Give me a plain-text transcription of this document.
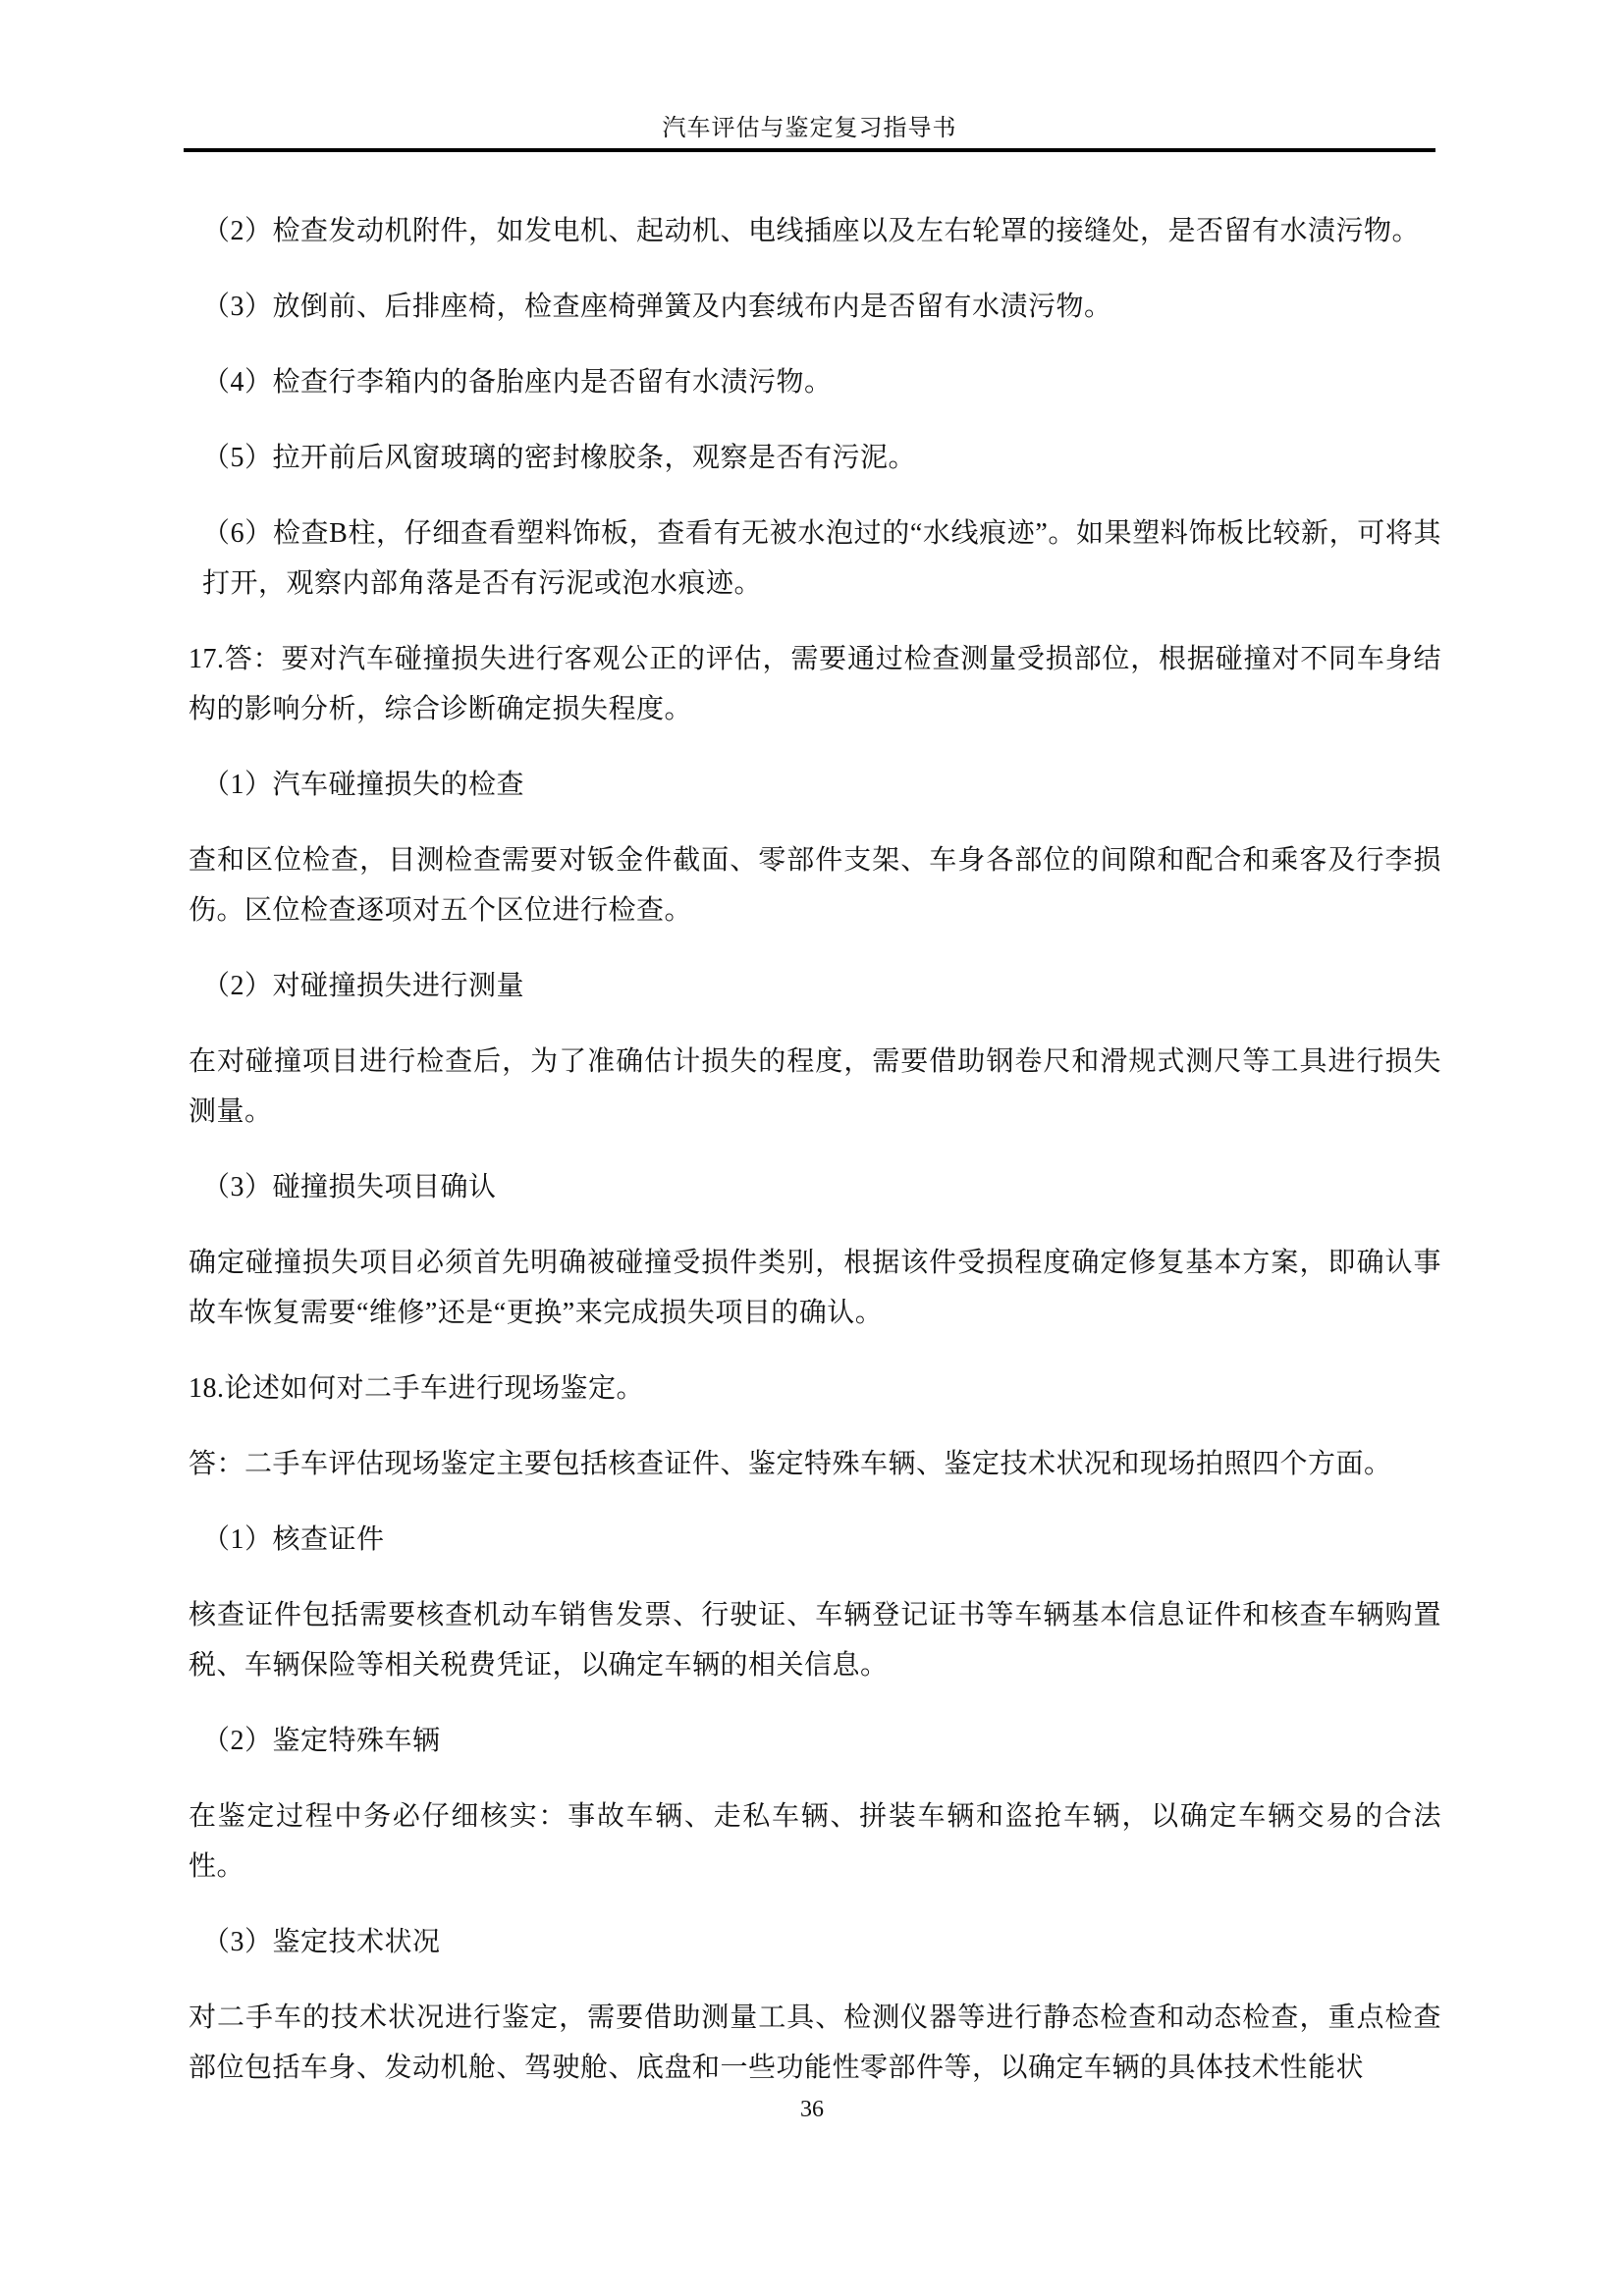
汽车评估与鉴定复习指导书

（2）检查发动机附件，如发电机、起动机、电线插座以及左右轮罩的接缝处，是否留有水渍污物。

（3）放倒前、后排座椅，检查座椅弹簧及内套绒布内是否留有水渍污物。

（4）检查行李箱内的备胎座内是否留有水渍污物。

（5）拉开前后风窗玻璃的密封橡胶条，观察是否有污泥。

（6）检查B柱，仔细查看塑料饰板，查看有无被水泡过的“水线痕迹”。如果塑料饰板比较新，可将其打开，观察内部角落是否有污泥或泡水痕迹。

17.答：要对汽车碰撞损失进行客观公正的评估，需要通过检查测量受损部位，根据碰撞对不同车身结构的影响分析，综合诊断确定损失程度。

（1）汽车碰撞损失的检查

查和区位检查，目测检查需要对钣金件截面、零部件支架、车身各部位的间隙和配合和乘客及行李损伤。区位检查逐项对五个区位进行检查。

（2）对碰撞损失进行测量

在对碰撞项目进行检查后，为了准确估计损失的程度，需要借助钢卷尺和滑规式测尺等工具进行损失测量。

（3）碰撞损失项目确认

确定碰撞损失项目必须首先明确被碰撞受损件类别，根据该件受损程度确定修复基本方案，即确认事故车恢复需要“维修”还是“更换”来完成损失项目的确认。

18.论述如何对二手车进行现场鉴定。

答：二手车评估现场鉴定主要包括核查证件、鉴定特殊车辆、鉴定技术状况和现场拍照四个方面。

（1）核查证件

核查证件包括需要核查机动车销售发票、行驶证、车辆登记证书等车辆基本信息证件和核查车辆购置税、车辆保险等相关税费凭证，以确定车辆的相关信息。

（2）鉴定特殊车辆

在鉴定过程中务必仔细核实：事故车辆、走私车辆、拼装车辆和盗抢车辆，以确定车辆交易的合法性。

（3）鉴定技术状况

对二手车的技术状况进行鉴定，需要借助测量工具、检测仪器等进行静态检查和动态检查，重点检查部位包括车身、发动机舱、驾驶舱、底盘和一些功能性零部件等，以确定车辆的具体技术性能状

36
